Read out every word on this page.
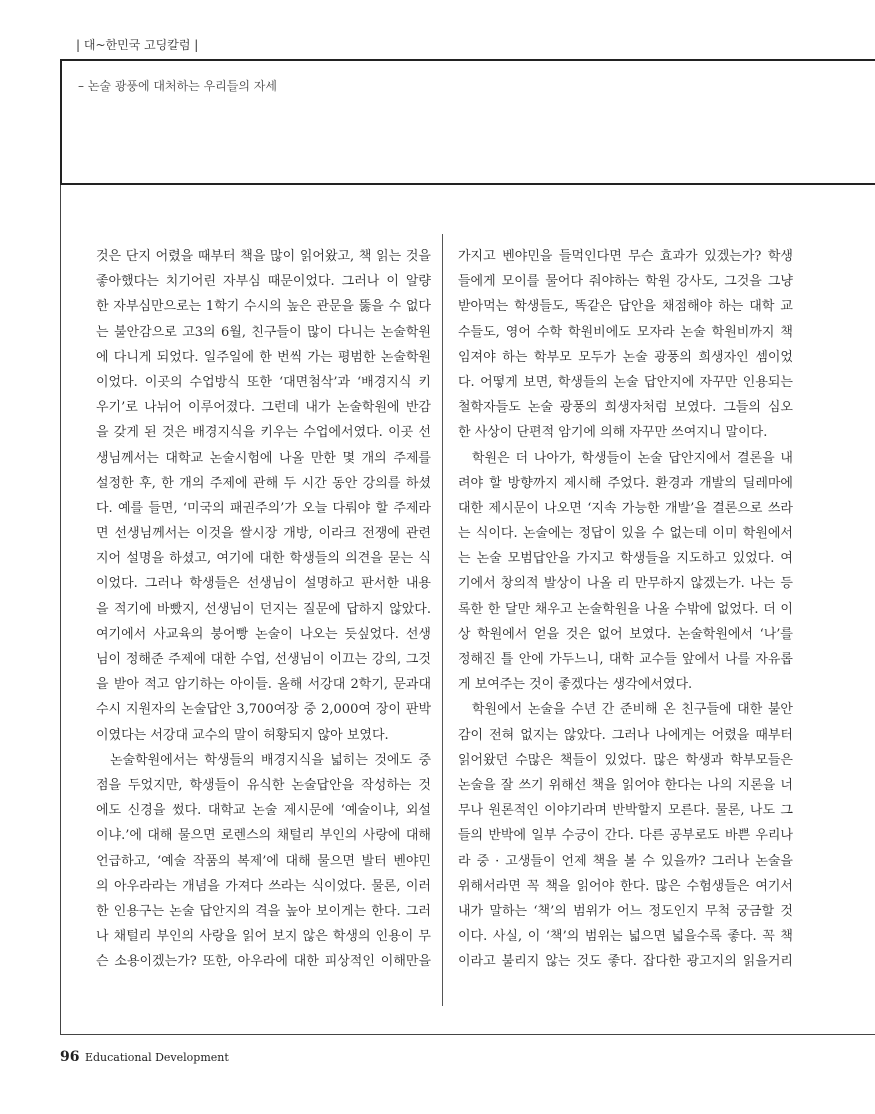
| 대~한민국 고딩칼럼 |
– 논술 광풍에 대처하는 우리들의 자세
것은 단지 어렸을 때부터 책을 많이 읽어왔고, 책 읽는 것을
좋아했다는 치기어린 자부심 때문이었다. 그러나 이 알량
한 자부심만으로는 1학기 수시의 높은 관문을 뚫을 수 없다
는 불안감으로 고3의 6월, 친구들이 많이 다니는 논술학원
에 다니게 되었다. 일주일에 한 번씩 가는 평범한 논술학원
이었다. 이곳의 수업방식 또한 ‘대면첨삭’과 ‘배경지식 키
우기’로 나뉘어 이루어졌다. 그런데 내가 논술학원에 반감
을 갖게 된 것은 배경지식을 키우는 수업에서였다. 이곳 선
생님께서는 대학교 논술시험에 나올 만한 몇 개의 주제를
설정한 후, 한 개의 주제에 관해 두 시간 동안 강의를 하셨
다. 예를 들면, ‘미국의 패권주의’가 오늘 다뤄야 할 주제라
면 선생님께서는 이것을 쌀시장 개방, 이라크 전쟁에 관련
지어 설명을 하셨고, 여기에 대한 학생들의 의견을 묻는 식
이었다. 그러나 학생들은 선생님이 설명하고 판서한 내용
을 적기에 바빴지, 선생님이 던지는 질문에 답하지 않았다.
여기에서 사교육의 붕어빵 논술이 나오는 듯싶었다. 선생
님이 정해준 주제에 대한 수업, 선생님이 이끄는 강의, 그것
을 받아 적고 암기하는 아이들. 올해 서강대 2학기, 문과대
수시 지원자의 논술답안 3,700여장 중 2,000여 장이 판박
이였다는 서강대 교수의 말이 허황되지 않아 보였다.
논술학원에서는 학생들의 배경지식을 넓히는 것에도 중
점을 두었지만, 학생들이 유식한 논술답안을 작성하는 것
에도 신경을 썼다. 대학교 논술 제시문에 ‘예술이냐, 외설
이냐.’에 대해 물으면 로렌스의 채털리 부인의 사랑에 대해
언급하고, ‘예술 작품의 복제’에 대해 물으면 발터 벤야민
의 아우라라는 개념을 가져다 쓰라는 식이었다. 물론, 이러
한 인용구는 논술 답안지의 격을 높아 보이게는 한다. 그러
나 채털리 부인의 사랑을 읽어 보지 않은 학생의 인용이 무
슨 소용이겠는가? 또한, 아우라에 대한 피상적인 이해만을
가지고 벤야민을 들먹인다면 무슨 효과가 있겠는가? 학생
들에게 모이를 물어다 줘야하는 학원 강사도, 그것을 그냥
받아먹는 학생들도, 똑같은 답안을 채점해야 하는 대학 교
수들도, 영어 수학 학원비에도 모자라 논술 학원비까지 책
임져야 하는 학부모 모두가 논술 광풍의 희생자인 셈이었
다. 어떻게 보면, 학생들의 논술 답안지에 자꾸만 인용되는
철학자들도 논술 광풍의 희생자처럼 보였다. 그들의 심오
한 사상이 단편적 암기에 의해 자꾸만 쓰여지니 말이다.
학원은 더 나아가, 학생들이 논술 답안지에서 결론을 내
려야 할 방향까지 제시해 주었다. 환경과 개발의 딜레마에
대한 제시문이 나오면 ‘지속 가능한 개발’을 결론으로 쓰라
는 식이다. 논술에는 정답이 있을 수 없는데 이미 학원에서
는 논술 모범답안을 가지고 학생들을 지도하고 있었다. 여
기에서 창의적 발상이 나올 리 만무하지 않겠는가. 나는 등
록한 한 달만 채우고 논술학원을 나올 수밖에 없었다. 더 이
상 학원에서 얻을 것은 없어 보였다. 논술학원에서 ‘나’를
정해진 틀 안에 가두느니, 대학 교수들 앞에서 나를 자유롭
게 보여주는 것이 좋겠다는 생각에서였다.
학원에서 논술을 수년 간 준비해 온 친구들에 대한 불안
감이 전혀 없지는 않았다. 그러나 나에게는 어렸을 때부터
읽어왔던 수많은 책들이 있었다. 많은 학생과 학부모들은
논술을 잘 쓰기 위해선 책을 읽어야 한다는 나의 지론을 너
무나 원론적인 이야기라며 반박할지 모른다. 물론, 나도 그
들의 반박에 일부 수긍이 간다. 다른 공부로도 바쁜 우리나
라 중 · 고생들이 언제 책을 볼 수 있을까? 그러나 논술을
위해서라면 꼭 책을 읽어야 한다. 많은 수험생들은 여기서
내가 말하는 ‘책’의 범위가 어느 정도인지 무척 궁금할 것
이다. 사실, 이 ‘책’의 범위는 넓으면 넓을수록 좋다. 꼭 책
이라고 불리지 않는 것도 좋다. 잡다한 광고지의 읽을거리
96 Educational Development
